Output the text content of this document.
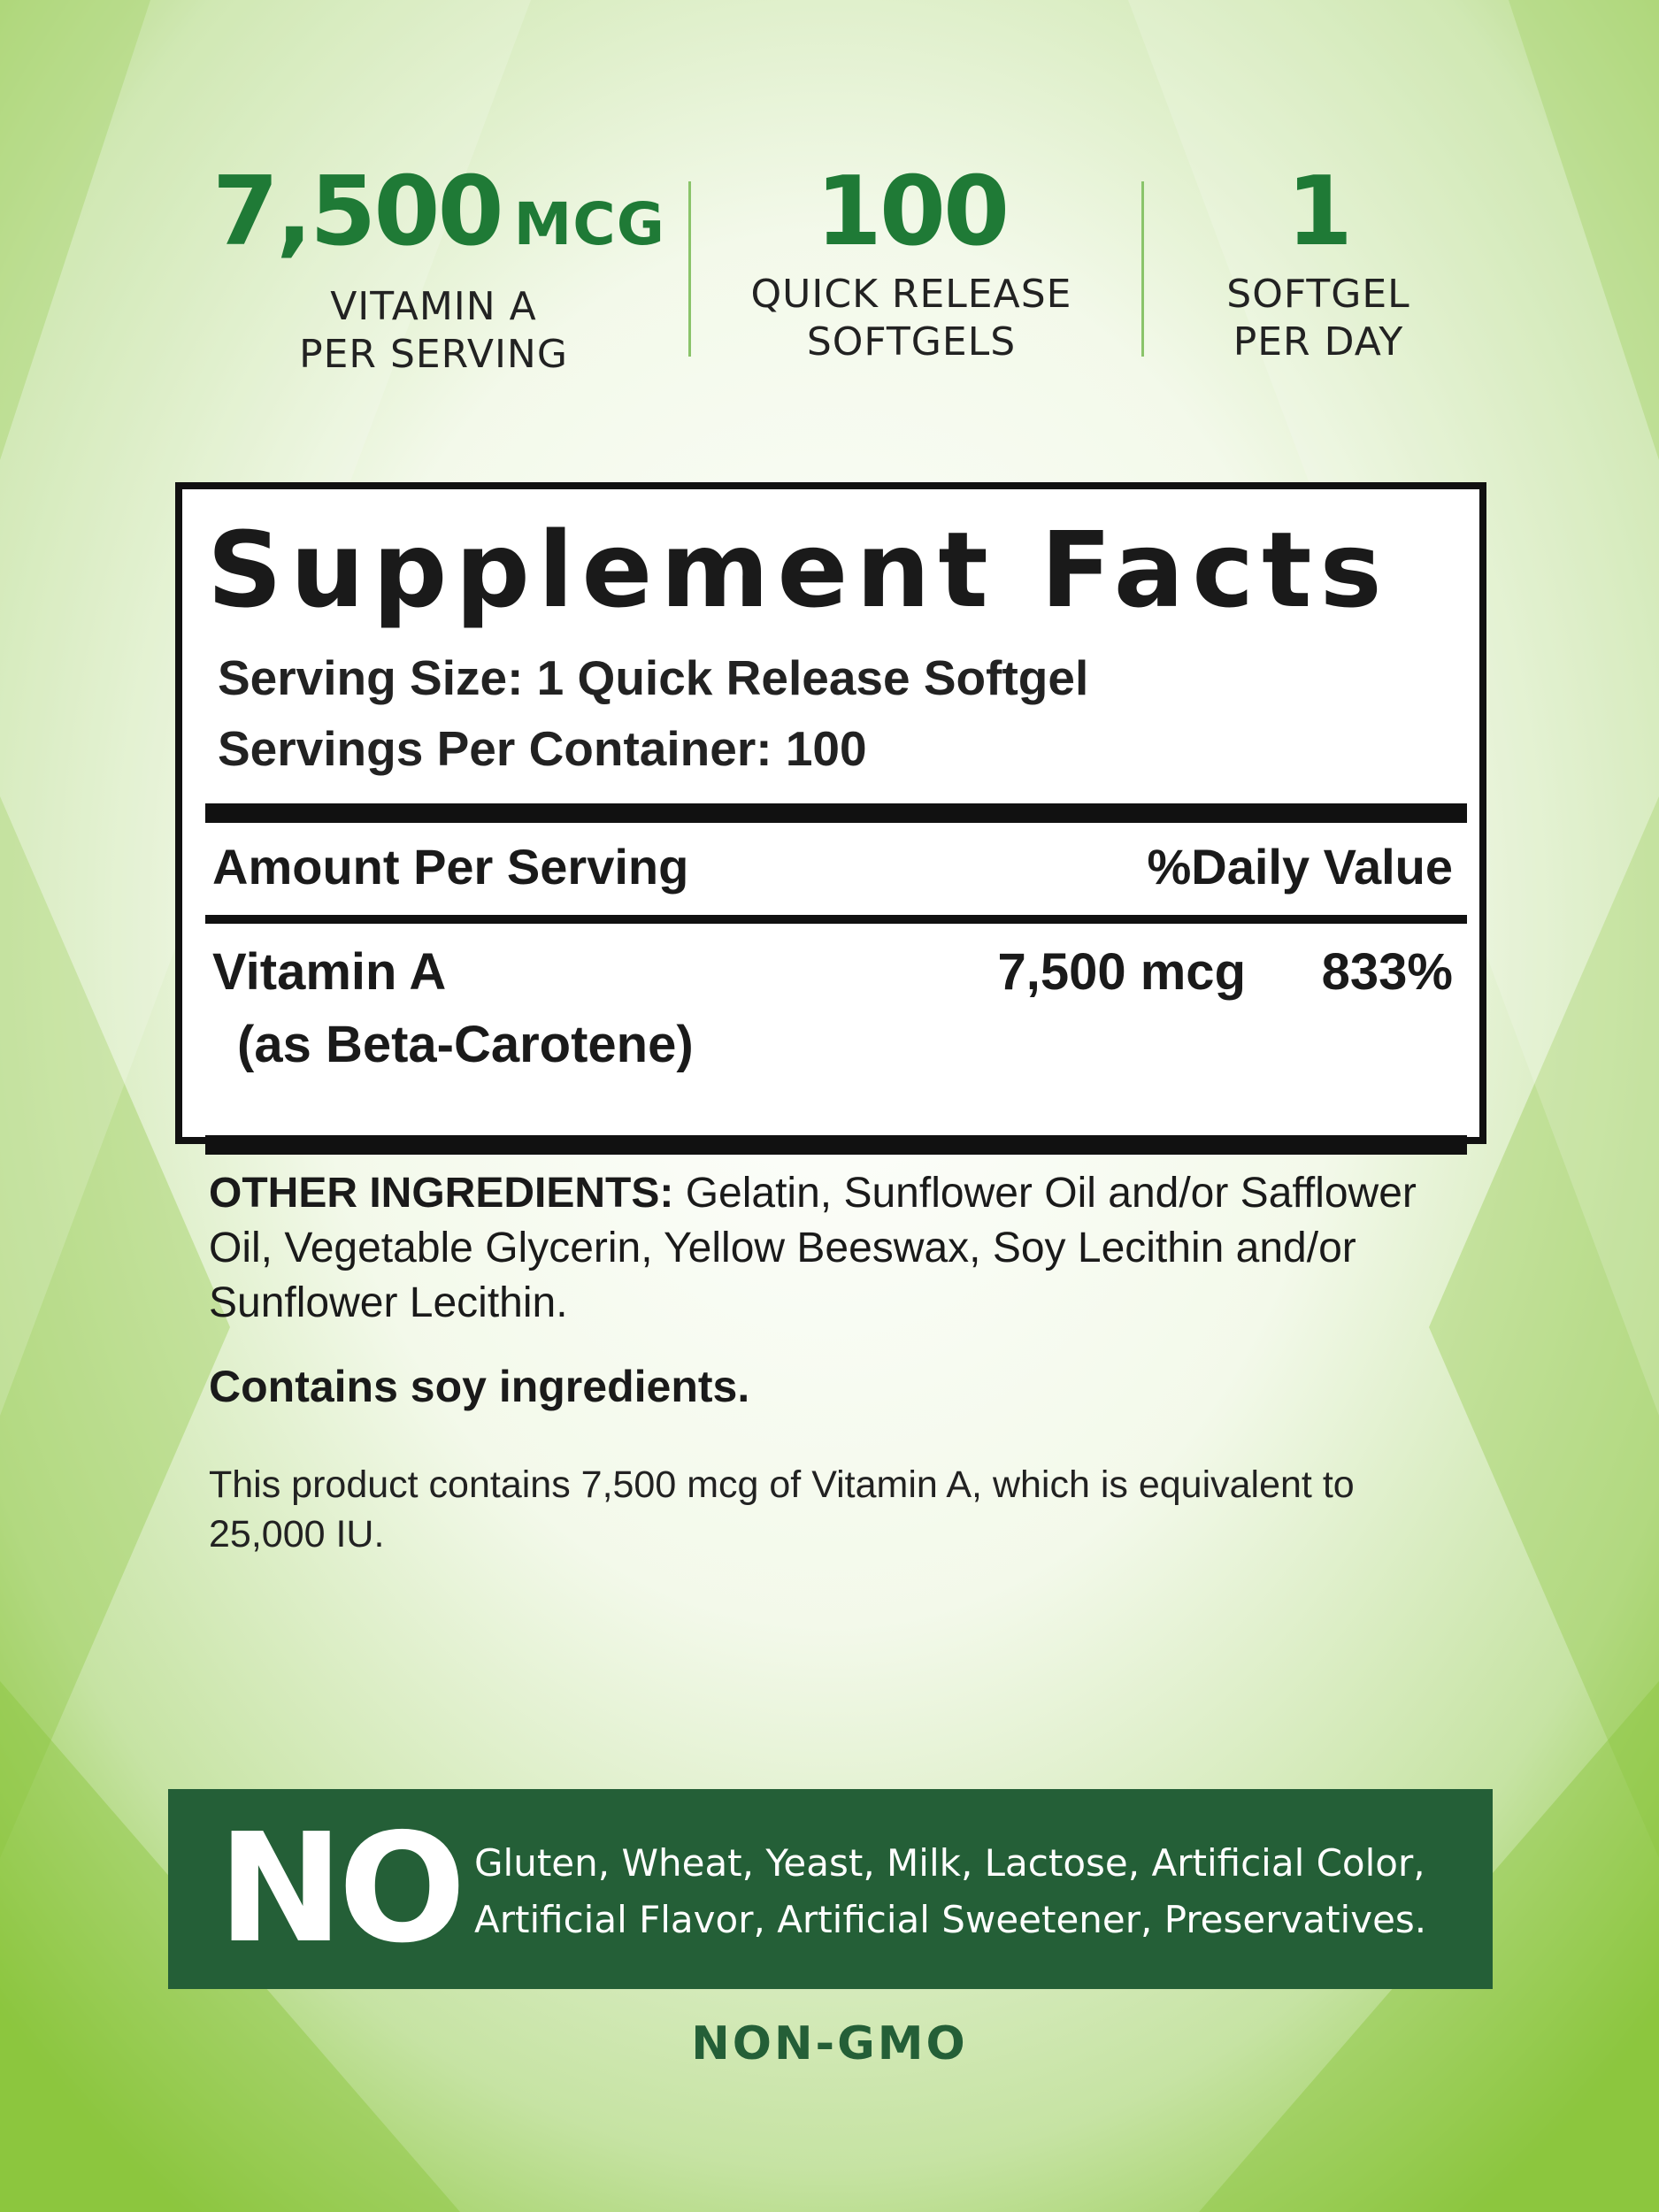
7,500 MCG
VITAMIN A
PER SERVING
100
QUICK RELEASE
SOFTGELS
1
SOFTGEL
PER DAY
Supplement Facts
Serving Size: 1 Quick Release Softgel
Servings Per Container: 100
Amount Per Serving	%Daily Value
Vitamin A
(as Beta-Carotene)
7,500 mcg 833%
OTHER INGREDIENTS: Gelatin, Sunflower Oil and/or Safflower Oil, Vegetable Glycerin, Yellow Beeswax, Soy Lecithin and/or Sunflower Lecithin.
Contains soy ingredients.
This product contains 7,500 mcg of Vitamin A, which is equivalent to 25,000 IU.
NO Gluten, Wheat, Yeast, Milk, Lactose, Artificial Color, Artificial Flavor, Artificial Sweetener, Preservatives.
NON-GMO
